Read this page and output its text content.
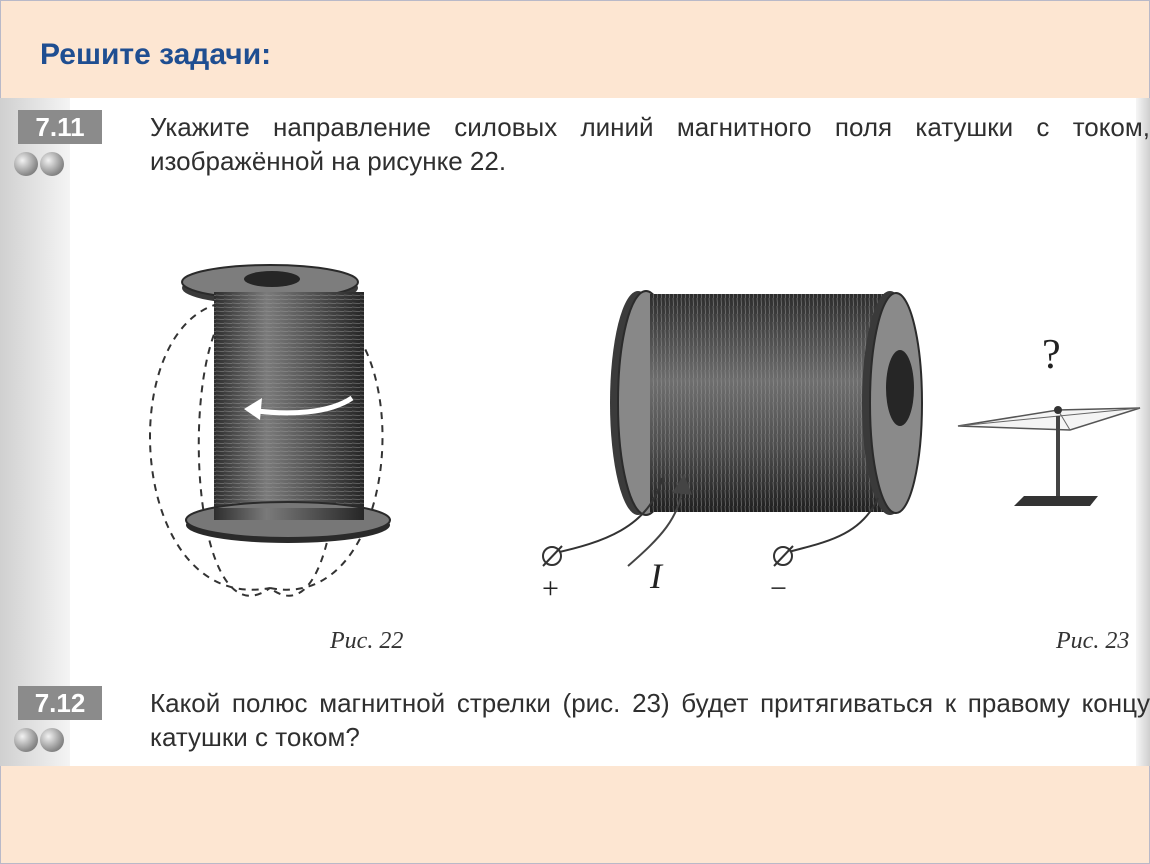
Решите задачи:
7.11	Укажите направление силовых линий магнитного поля катушки с током, изображённой на рисунке 22.
+	−
I
?
Рис. 22	Рис. 23
7.12	Какой полюс магнитной стрелки (рис. 23) будет притягиваться к правому концу катушки с током?
